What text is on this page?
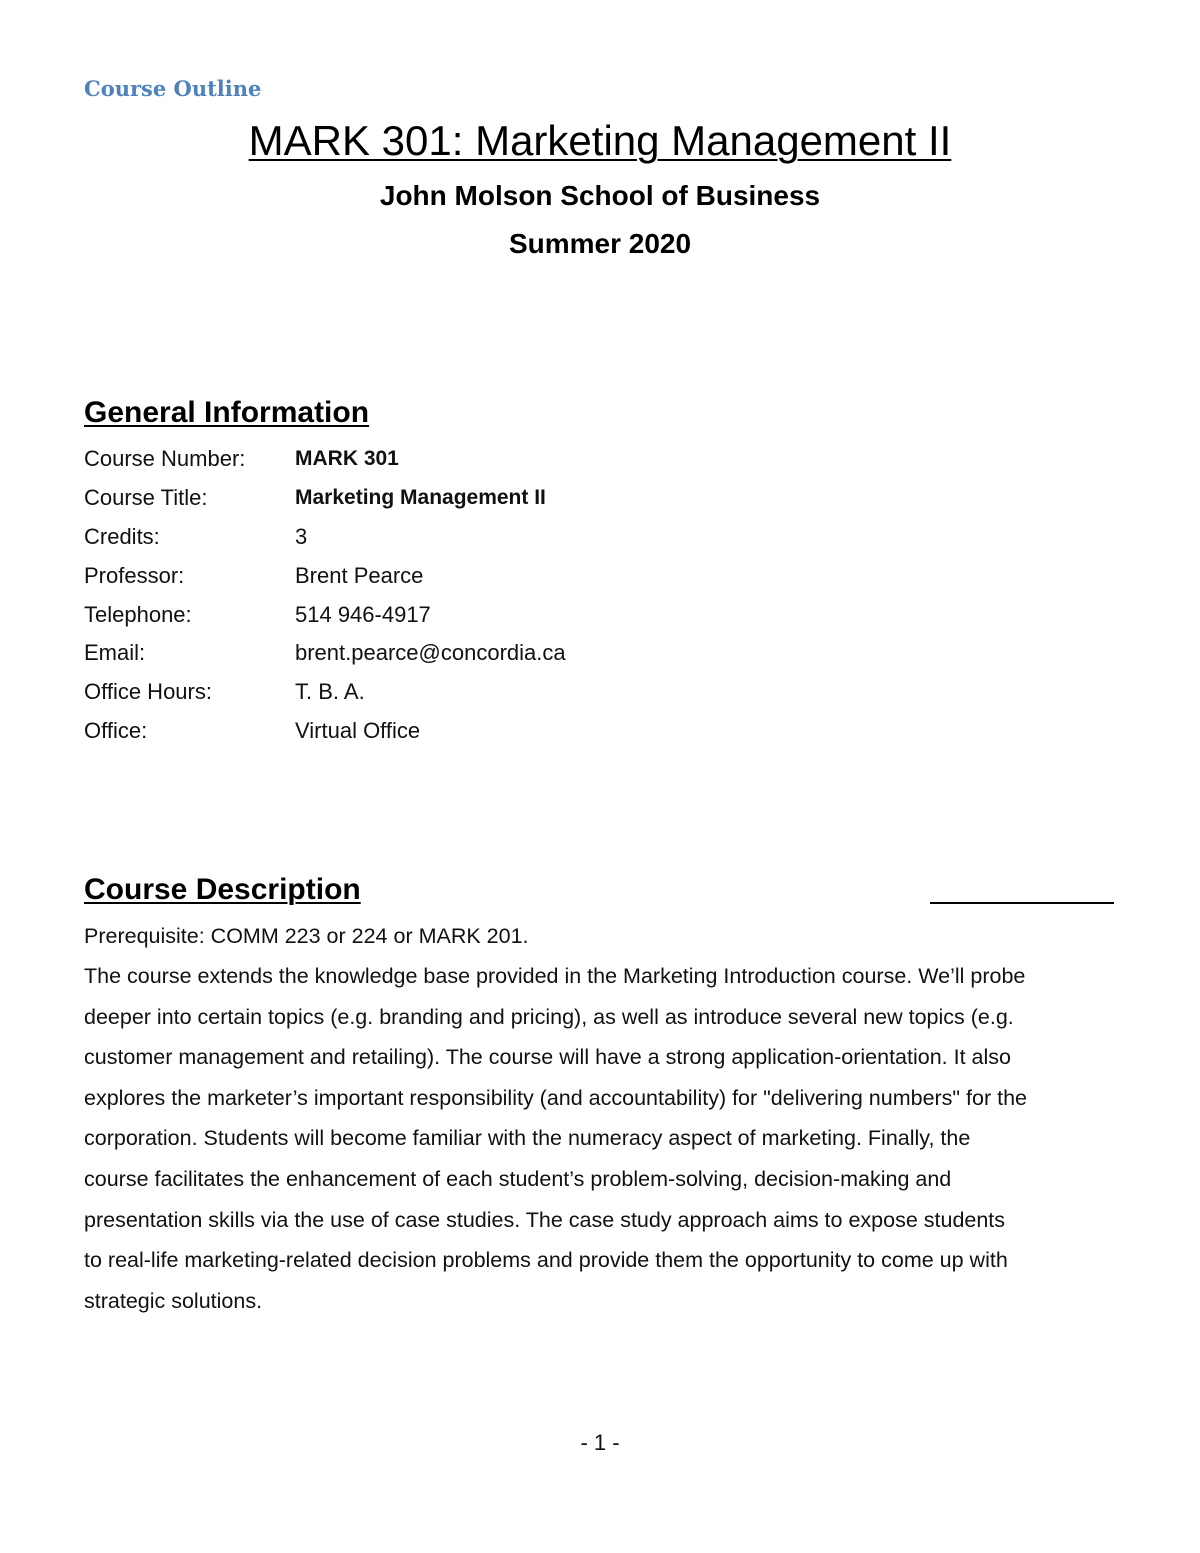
Course Outline
MARK 301: Marketing Management II
John Molson School of Business
Summer 2020
General Information
Course Number:	MARK 301
Course Title:	Marketing Management II
Credits:	3
Professor:	Brent Pearce
Telephone:	514 946-4917
Email:	brent.pearce@concordia.ca
Office Hours:	T. B. A.
Office:	Virtual Office
Course Description

Prerequisite: COMM 223 or 224 or MARK 201.

The course extends the knowledge base provided in the Marketing Introduction course. We’ll probe
deeper into certain topics (e.g. branding and pricing), as well as introduce several new topics (e.g.
customer management and retailing). The course will have a strong application-orientation. It also
explores the marketer’s important responsibility (and accountability) for "delivering numbers" for the
corporation. Students will become familiar with the numeracy aspect of marketing. Finally, the
course facilitates the enhancement of each student’s problem-solving, decision-making and
presentation skills via the use of case studies. The case study approach aims to expose students
to real-life marketing-related decision problems and provide them the opportunity to come up with
strategic solutions.

- 1 -
